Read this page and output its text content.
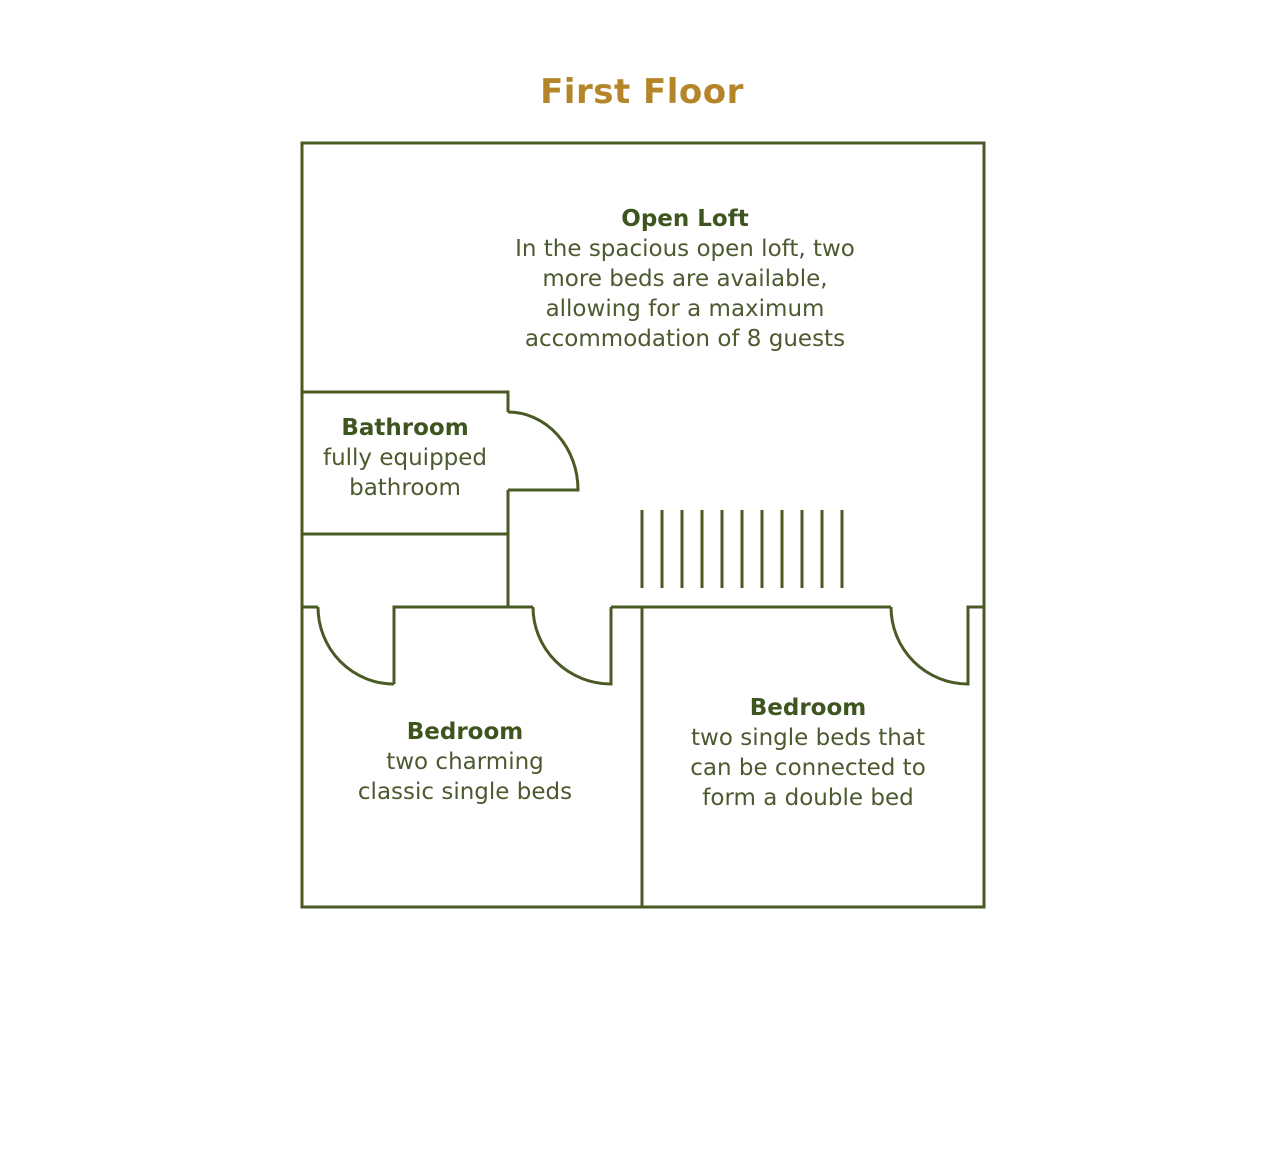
First Floor
Open Loft
In the spacious open loft, two
more beds are available,
allowing for a maximum
accommodation of 8 guests
Bathroom
fully equipped
bathroom
Bedroom
two charming
classic single beds
Bedroom
two single beds that
can be connected to
form a double bed
